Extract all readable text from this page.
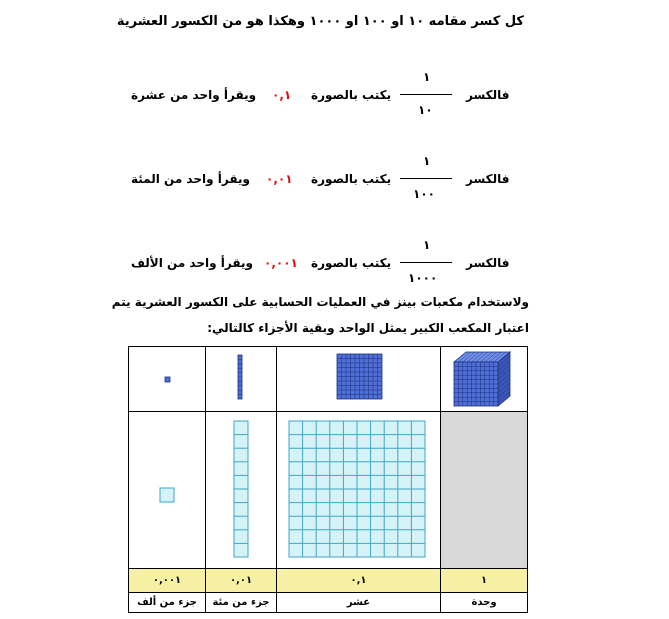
كل كسر مقامه ١٠ او ١٠٠ او ١٠٠٠ وهكذا هو من الكسور العشرية
فالكسر
١
١٠
يكتب بالصورة
٠,١
ويقرأ واحد من عشرة
فالكسر
١
١٠٠
يكتب بالصورة
٠,٠١
ويقرأ واحد من المئة
فالكسر
١
١٠٠٠
يكتب بالصورة
٠,٠٠١
ويقرأ واحد من الألف
ولاستخدام مكعبات بينز في العمليات الحسابية على الكسور العشرية يتم
اعتبار المكعب الكبير يمثل الواحد وبقية الأجزاء كالتالي:

٠,٠٠١	٠,٠١	٠,١	١
جزء من ألف	جزء من مئة	عشر	وحدة
